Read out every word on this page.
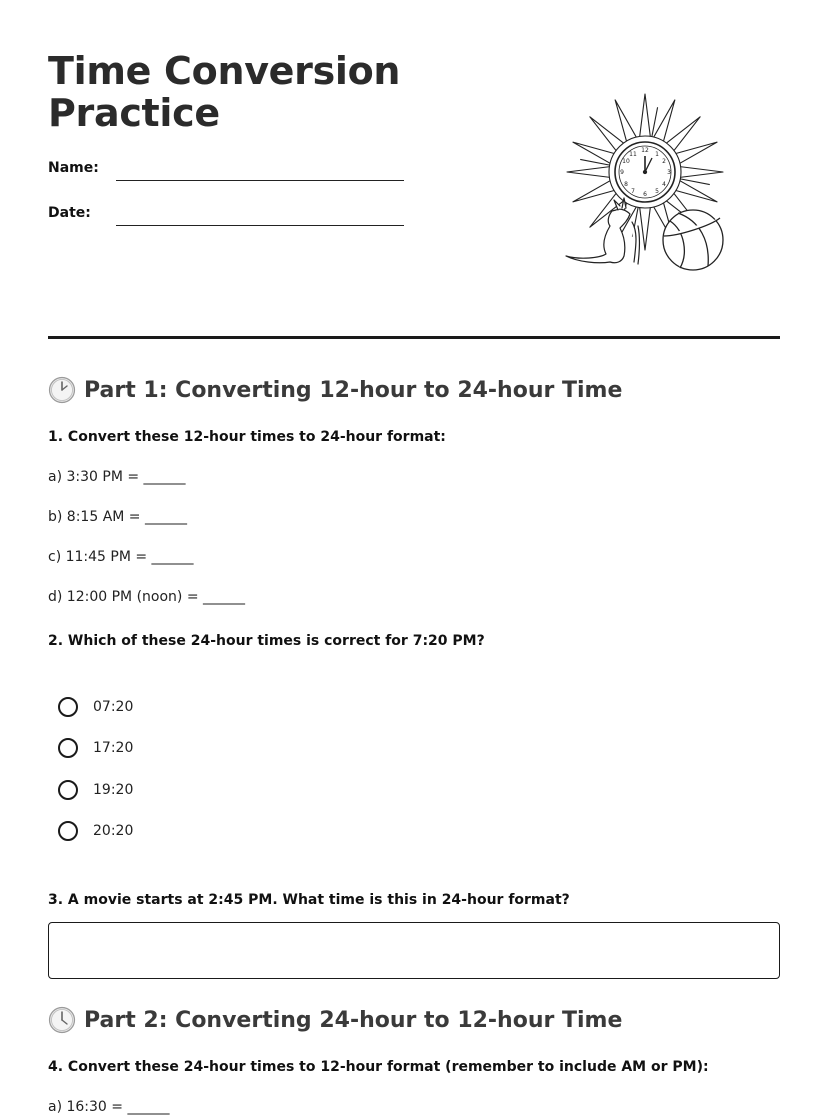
Time Conversion
Practice
Name:
Date:
12
3
6
9
1
2
4
5
7
8
10
11
Part 1: Converting 12-hour to 24-hour Time
1. Convert these 12-hour times to 24-hour format:
a) 3:30 PM = ______
b) 8:15 AM = ______
c) 11:45 PM = ______
d) 12:00 PM (noon) = ______
2. Which of these 24-hour times is correct for 7:20 PM?
07:20
17:20
19:20
20:20
3. A movie starts at 2:45 PM. What time is this in 24-hour format?
Part 2: Converting 24-hour to 12-hour Time
4. Convert these 24-hour times to 12-hour format (remember to include AM or PM):
a) 16:30 = ______
